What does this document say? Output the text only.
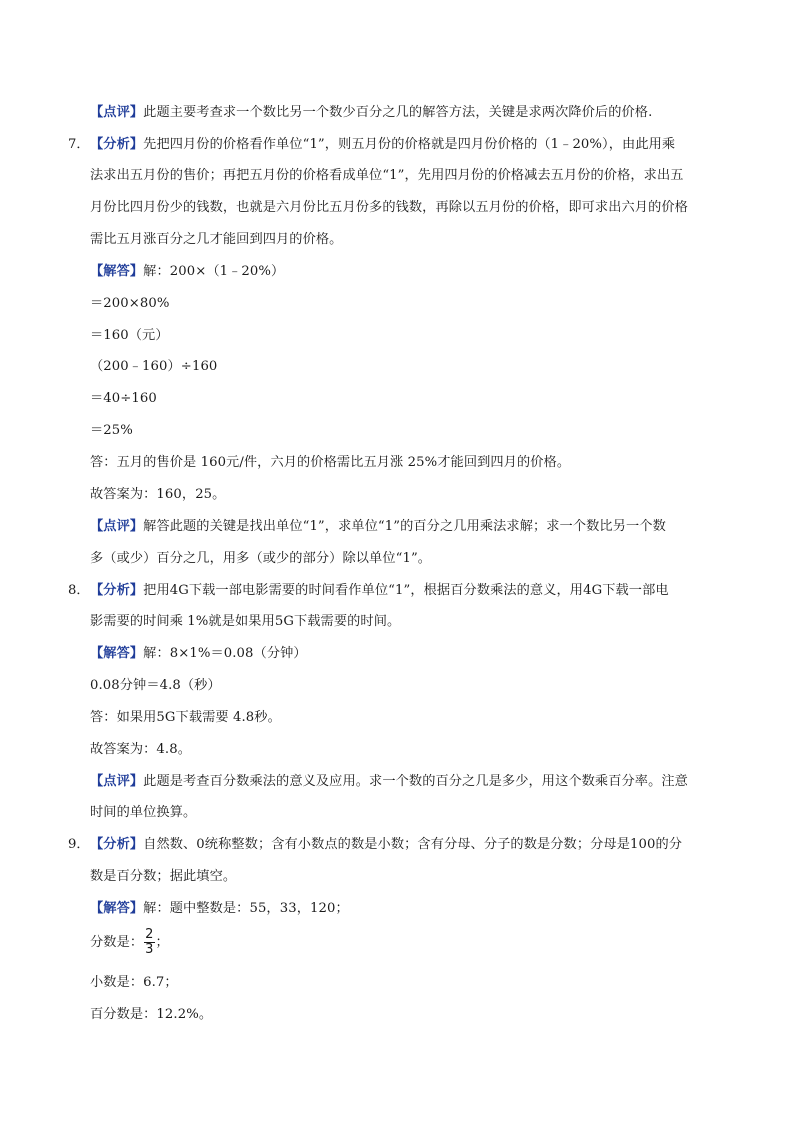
【点评】此题主要考查求一个数比另一个数少百分之几的解答方法，关键是求两次降价后的价格.
7． 【分析】先把四月份的价格看作单位“1”，则五月份的价格就是四月份价格的（1﹣20%），由此用乘
法求出五月份的售价；再把五月份的价格看成单位“1”，先用四月份的价格减去五月份的价格，求出五
月份比四月份少的钱数，也就是六月份比五月份多的钱数，再除以五月份的价格，即可求出六月的价格
需比五月涨百分之几才能回到四月的价格。
【解答】解：200×（1﹣20%）
＝200×80%
＝160（元）
（200﹣160）÷160
＝40÷160
＝25%
答：五月的售价是 160元/件，六月的价格需比五月涨 25%才能回到四月的价格。
故答案为：160，25。
【点评】解答此题的关键是找出单位“1”，求单位“1”的百分之几用乘法求解；求一个数比另一个数
多（或少）百分之几，用多（或少的部分）除以单位“1”。
8． 【分析】把用4G下载一部电影需要的时间看作单位“1”，根据百分数乘法的意义，用4G下载一部电
影需要的时间乘 1%就是如果用5G下载需要的时间。
【解答】解：8×1%＝0.08（分钟）
0.08分钟＝4.8（秒）
答：如果用5G下载需要 4.8秒。
故答案为：4.8。
【点评】此题是考查百分数乘法的意义及应用。求一个数的百分之几是多少，用这个数乘百分率。注意
时间的单位换算。
9． 【分析】自然数、0统称整数；含有小数点的数是小数；含有分母、分子的数是分数；分母是100的分
数是百分数；据此填空。
【解答】解：题中整数是：55，33，120；
分数是： $\frac{2}{3}$ ；
小数是：6.7；
百分数是：12.2%。
